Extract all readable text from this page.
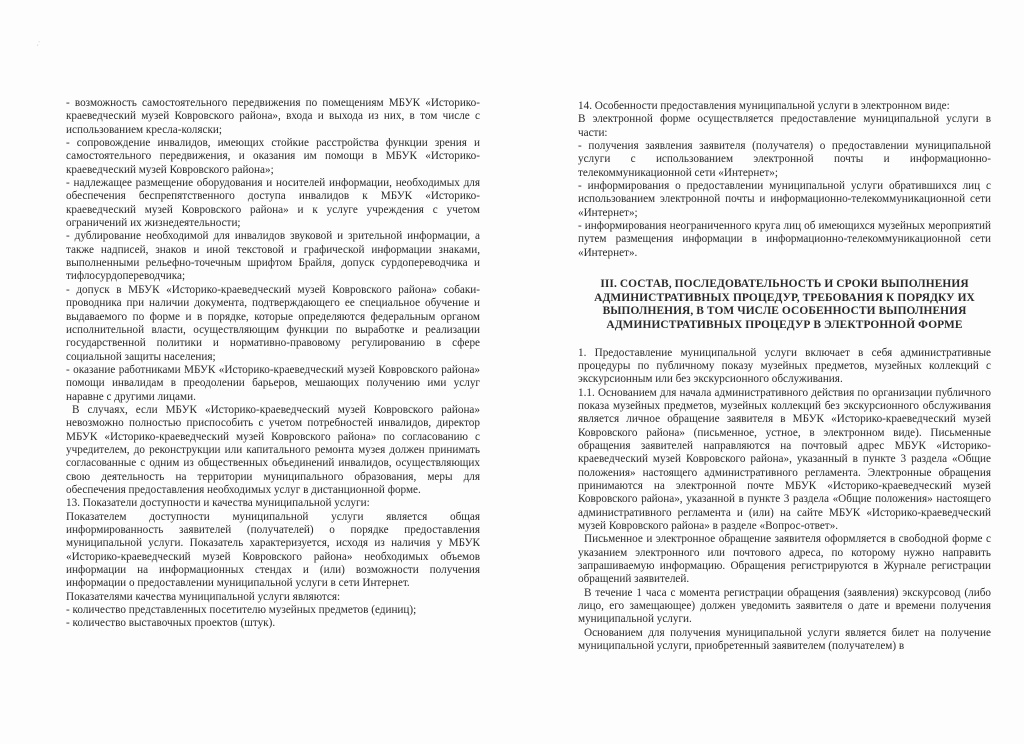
,'

- возможность самостоятельного передвижения по помещениям МБУК «Историко-краеведческий музей Ковровского района», входа и выхода из них, в том числе с использованием кресла-коляски;

- сопровождение инвалидов, имеющих стойкие расстройства функции зрения и самостоятельного передвижения, и оказания им помощи в МБУК «Историко-краеведческий музей Ковровского района»;

- надлежащее размещение оборудования и носителей информации, необходимых для обеспечения беспрепятственного доступа инвалидов к МБУК «Историко-краеведческий музей Ковровского района» и к услуге учреждения с учетом ограничений их жизнедеятельности;

- дублирование необходимой для инвалидов звуковой и зрительной информации, а также надписей, знаков и иной текстовой и графической информации знаками, выполненными рельефно-точечным шрифтом Брайля, допуск сурдопереводчика и тифлосурдопереводчика;

- допуск в МБУК «Историко-краеведческий музей Ковровского района» собаки-проводника при наличии документа, подтверждающего ее специальное обучение и выдаваемого по форме и в порядке, которые определяются федеральным органом исполнительной власти, осуществляющим функции по выработке и реализации государственной политики и нормативно-правовому регулированию в сфере социальной защиты населения;

- оказание работниками МБУК «Историко-краеведческий музей Ковровского района» помощи инвалидам в преодолении барьеров, мешающих получению ими услуг наравне с другими лицами.

В случаях, если МБУК «Историко-краеведческий музей Ковровского района» невозможно полностью приспособить с учетом потребностей инвалидов, директор МБУК «Историко-краеведческий музей Ковровского района» по согласованию с учредителем, до реконструкции или капитального ремонта музея должен принимать согласованные с одним из общественных объединений инвалидов, осуществляющих свою деятельность на территории муниципального образования, меры для обеспечения предоставления необходимых услуг в дистанционной форме.

13. Показатели доступности и качества муниципальной услуги:

Показателем доступности муниципальной услуги является общая информированность заявителей (получателей) о порядке предоставления муниципальной услуги. Показатель характеризуется, исходя из наличия у МБУК «Историко-краеведческий музей Ковровского района» необходимых объемов информации на информационных стендах и (или) возможности получения информации о предоставлении муниципальной услуги в сети Интернет.

Показателями качества муниципальной услуги являются:

- количество представленных посетителю музейных предметов (единиц);

- количество выставочных проектов (штук).

14. Особенности предоставления муниципальной услуги в электронном виде:

В электронной форме осуществляется предоставление муниципальной услуги в части:

- получения заявления заявителя (получателя) о предоставлении муниципальной услуги с использованием электронной почты и информационно-телекоммуникационной сети «Интернет»;

- информирования о предоставлении муниципальной услуги обратившихся лиц с использованием электронной почты и информационно-телекоммуникационной сети «Интернет»;

- информирования неограниченного круга лиц об имеющихся музейных мероприятий путем размещения информации в информационно-телекоммуникационной сети «Интернет».

III. СОСТАВ, ПОСЛЕДОВАТЕЛЬНОСТЬ И СРОКИ ВЫПОЛНЕНИЯ АДМИНИСТРАТИВНЫХ ПРОЦЕДУР, ТРЕБОВАНИЯ К ПОРЯДКУ ИХ ВЫПОЛНЕНИЯ, В ТОМ ЧИСЛЕ ОСОБЕННОСТИ ВЫПОЛНЕНИЯ АДМИНИСТРАТИВНЫХ ПРОЦЕДУР В ЭЛЕКТРОННОЙ ФОРМЕ

1. Предоставление муниципальной услуги включает в себя административные процедуры по публичному показу музейных предметов, музейных коллекций с экскурсионным или без экскурсионного обслуживания.

1.1. Основанием для начала административного действия по организации публичного показа музейных предметов, музейных коллекций без экскурсионного обслуживания является личное обращение заявителя в МБУК «Историко-краеведческий музей Ковровского района» (письменное, устное, в электронном виде). Письменные обращения заявителей направляются на почтовый адрес МБУК «Историко-краеведческий музей Ковровского района», указанный в пункте 3 раздела «Общие положения» настоящего административного регламента. Электронные обращения принимаются на электронной почте МБУК «Историко-краеведческий музей Ковровского района», указанной в пункте 3 раздела «Общие положения» настоящего административного регламента и (или) на сайте МБУК «Историко-краеведческий музей Ковровского района» в разделе «Вопрос-ответ».

Письменное и электронное обращение заявителя оформляется в свободной форме с указанием электронного или почтового адреса, по которому нужно направить запрашиваемую информацию. Обращения регистрируются в Журнале регистрации обращений заявителей.

В течение 1 часа с момента регистрации обращения (заявления) экскурсовод (либо лицо, его замещающее) должен уведомить заявителя о дате и времени получения муниципальной услуги.

Основанием для получения муниципальной услуги является билет на получение муниципальной услуги, приобретенный заявителем (получателем) в
